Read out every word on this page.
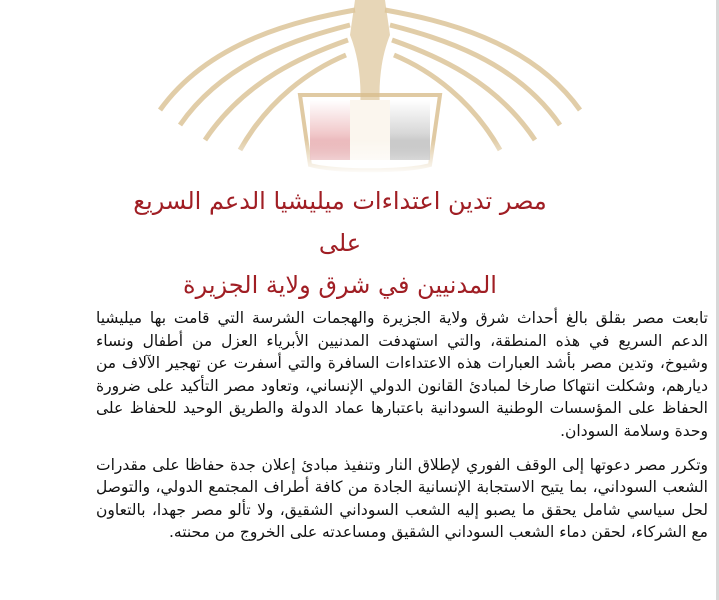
مصر تدين اعتداءات ميليشيا الدعم السريع على
المدنيين في شرق ولاية الجزيرة

تابعت مصر بقلق بالغ أحداث شرق ولاية الجزيرة والهجمات الشرسة التي قامت بها ميليشيا الدعم السريع في هذه المنطقة، والتي استهدفت المدنيين الأبرياء العزل من أطفال ونساء وشيوخ، وتدين مصر بأشد العبارات هذه الاعتداءات السافرة والتي أسفرت عن تهجير الآلاف من ديارهم، وشكلت انتهاكا صارخا لمبادئ القانون الدولي الإنساني، وتعاود مصر التأكيد على ضرورة الحفاظ على المؤسسات الوطنية السودانية باعتبارها عماد الدولة والطريق الوحيد للحفاظ على وحدة وسلامة السودان.

وتكرر مصر دعوتها إلى الوقف الفوري لإطلاق النار وتنفيذ مبادئ إعلان جدة حفاظا على مقدرات الشعب السوداني، بما يتيح الاستجابة الإنسانية الجادة من كافة أطراف المجتمع الدولي، والتوصل لحل سياسي شامل يحقق ما يصبو إليه الشعب السوداني الشقيق، ولا تألو مصر جهدا، بالتعاون مع الشركاء، لحقن دماء الشعب السوداني الشقيق ومساعدته على الخروج من محنته.
